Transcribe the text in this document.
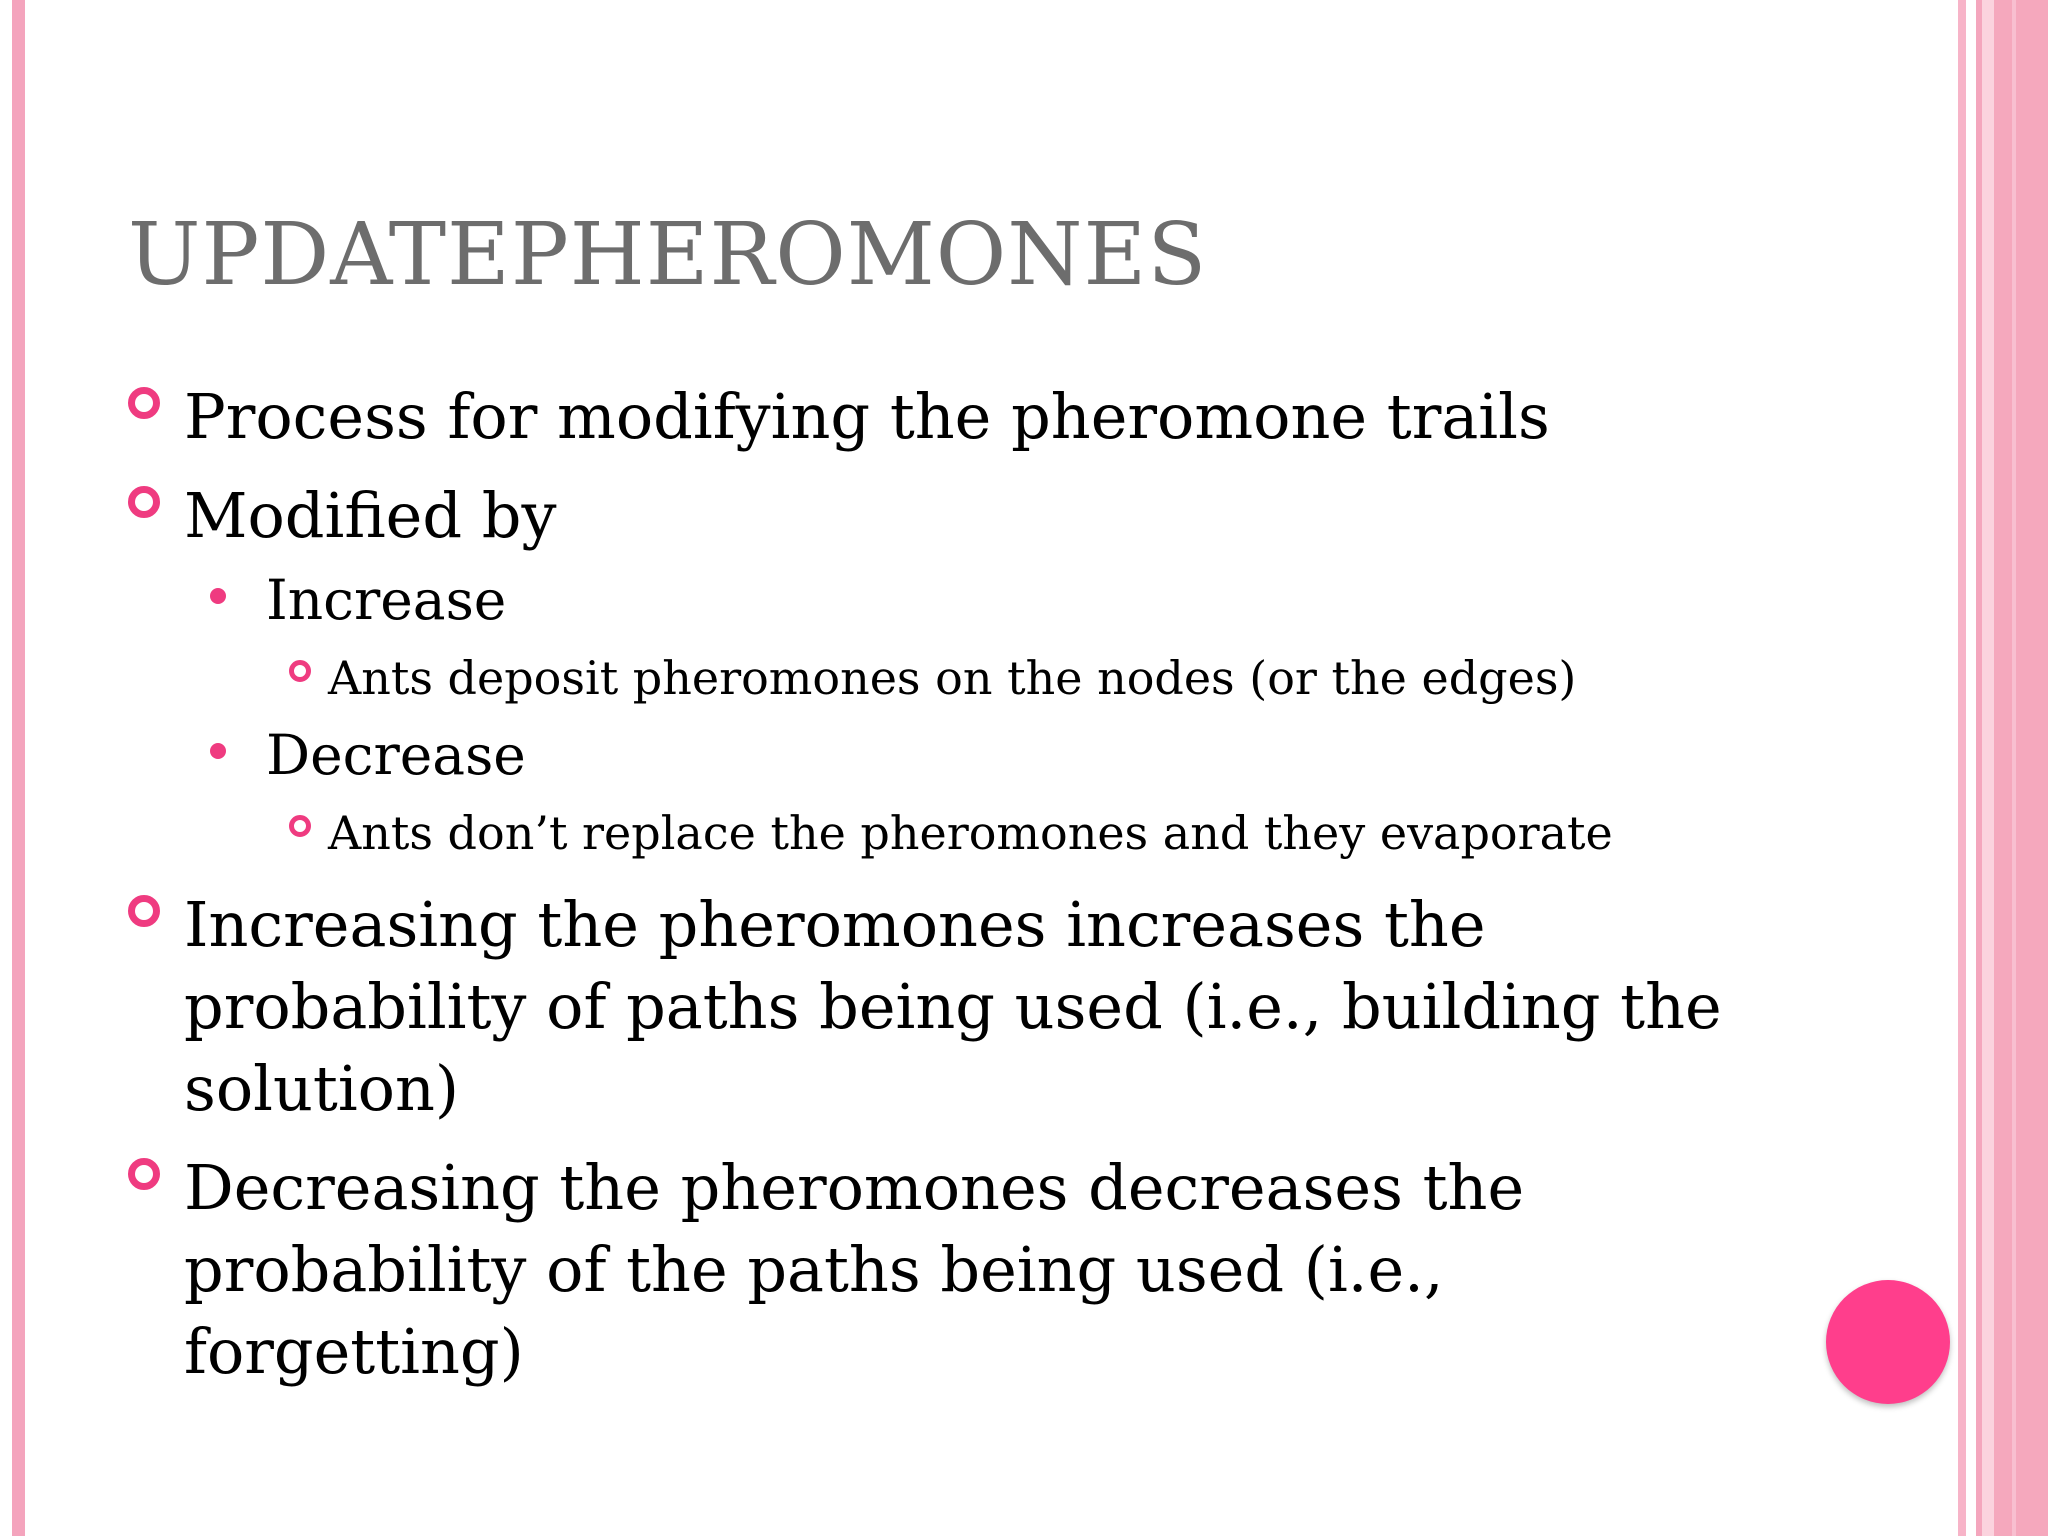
UPDATEPHEROMONES
Process for modifying the pheromone trails
Modified by
Increase
Ants deposit pheromones on the nodes (or the edges)
Decrease
Ants don’t replace the pheromones and they evaporate
Increasing the pheromones increases the
probability of paths being used (i.e., building the
solution)
Decreasing the pheromones decreases the
probability of the paths being used (i.e.,
forgetting)
